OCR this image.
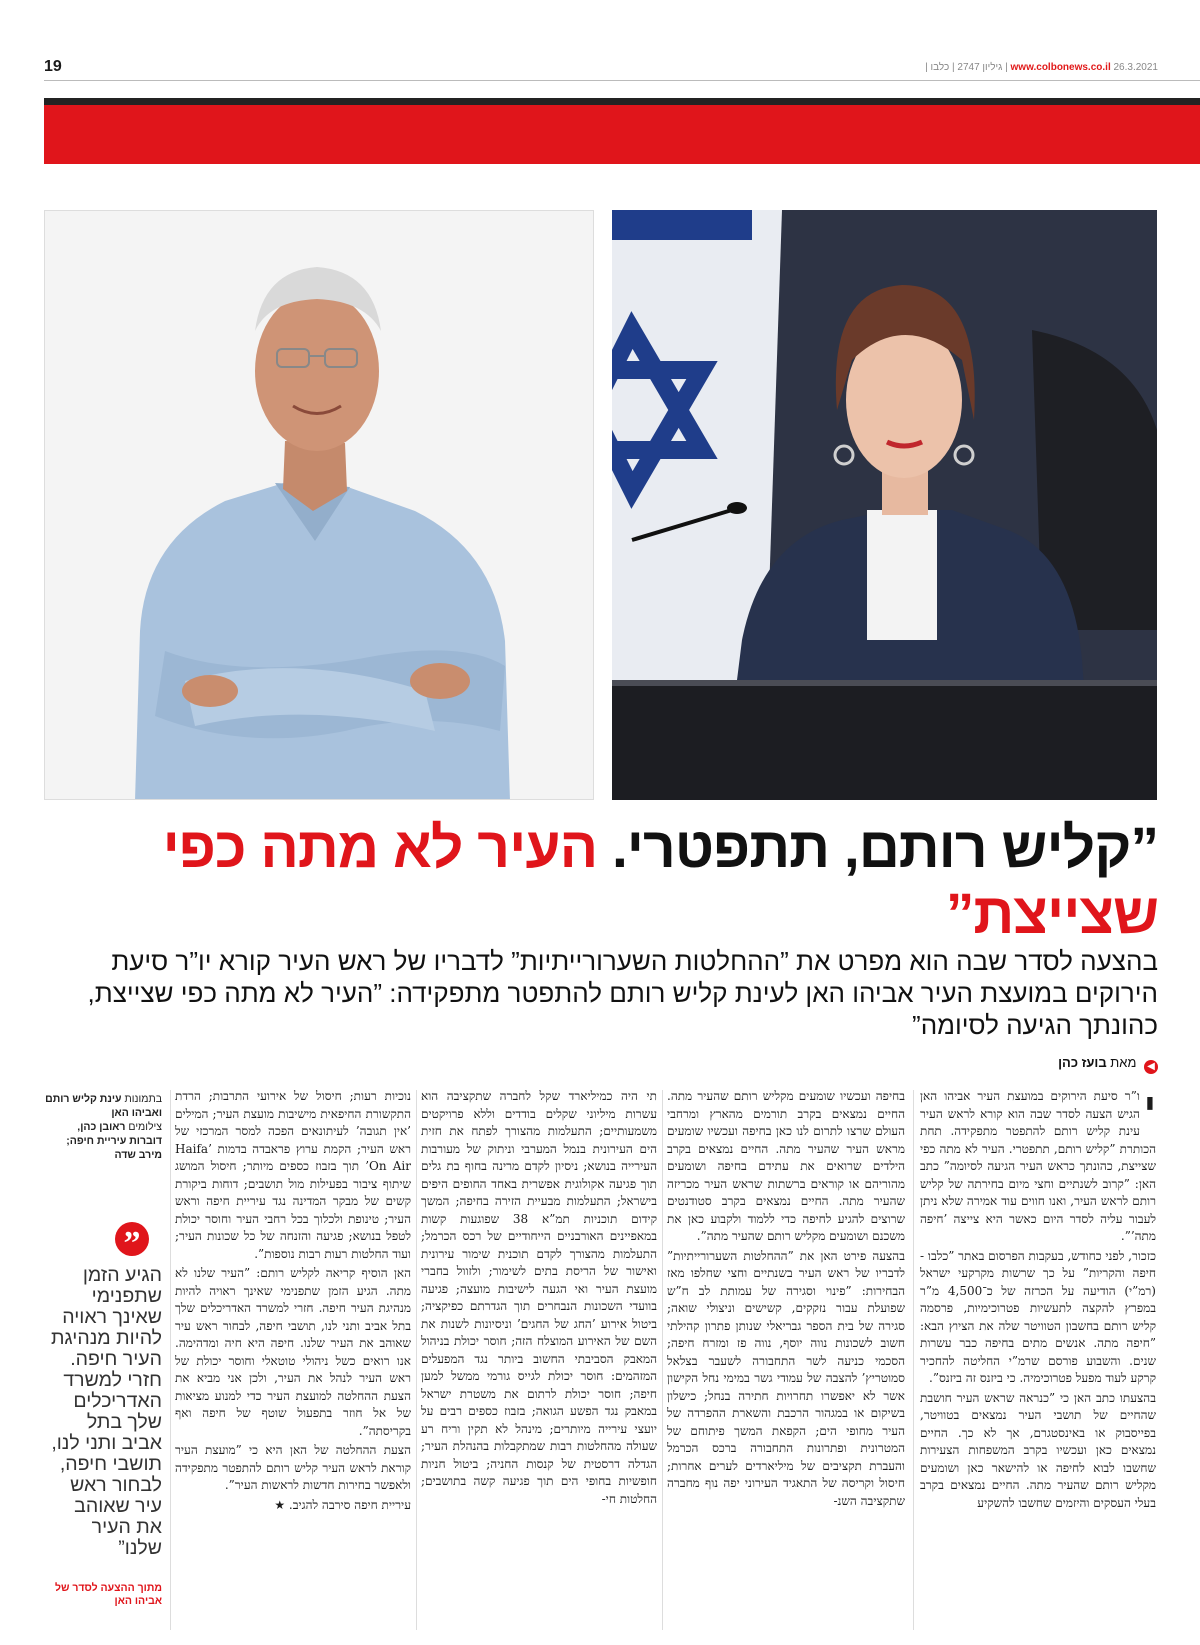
19	www.colbonews.co.il 26.3.2021 | גיליון 2747 | כלבו |
”קליש רותם, תתפטרי. העיר לא מתה כפי שצייצת”
בהצעה לסדר שבה הוא מפרט את ”ההחלטות השערורייתיות” לדבריו של ראש העיר קורא יו”ר סיעת הירוקים במועצת העיר אביהו האן לעינת קליש רותם להתפטר מתפקידה: ”העיר לא מתה כפי שצייצת, כהונתך הגיעה לסיומה”
◀ מאת בועז כהן

י
ו”ר סיעת הירוקים במועצת העיר אביהו האן הגיש הצעה לסדר שבה הוא קורא לראש העיר עינת קליש רותם להתפטר מתפקידה. תחת הכותרת ”קליש רותם, תתפטרי. העיר לא מתה כפי שצייצת, כהונתך כראש העיר הגיעה לסיומה” כתב האן: ”קרוב לשנתיים וחצי מיום בחירתה של קליש רותם לראש העיר, ואנו חווים עוד אמירה שלא ניתן לעבור עליה לסדר היום כאשר היא צייצה ’חיפה מתה’”.

כזכור, לפני כחודש, בעקבות הפרסום באתר ”כלבו - חיפה והקריות” על כך שרשות מקרקעי ישראל (רמ”י) הודיעה על הכרזה של כ־4,500 מ”ר במפרץ להקצה לתעשיות פטרוכימיות, פרסמה קליש רותם בחשבון הטוויטר שלה את הציוץ הבא: ”חיפה מתה. אנשים מתים בחיפה כבר עשרות שנים. והשבוע פורסם שרמ”י החליטה להחכיר קרקע לעוד מפעל פטרוכימיה. כי ביזנס זה ביזנס”.

בהצעתו כתב האן כי ”כנראה שראש העיר חושבת שהחיים של תושבי העיר נמצאים בטוויטר, בפייסבוק או באינסטגרם, אך לא כך. החיים נמצאים כאן ועכשיו בקרב המשפחות הצעירות שחשבו לבוא לחיפה או להישאר כאן ושומעים מקליש רותם שהעיר מתה. החיים נמצאים בקרב בעלי העסקים והיזמים שחשבו להשקיע

בחיפה ועכשיו שומעים מקליש רותם שהעיר מתה. החיים נמצאים בקרב תורמים מהארץ ומרחבי העולם שרצו לתרום לנו כאן בחיפה ועכשיו שומעים מראש העיר שהעיר מתה. החיים נמצאים בקרב הילדים שרואים את עתידם בחיפה ושומעים מהוריהם או קוראים ברשתות שראש העיר מכריזה שהעיר מתה. החיים נמצאים בקרב סטודנטים שרוצים להגיע לחיפה כדי ללמוד ולקבוע כאן את משכנם ושומעים מקליש רותם שהעיר מתה”.

בהצעה פירט האן את ”ההחלטות השערורייתיות” לדבריו של ראש העיר בשנתיים וחצי שחלפו מאז הבחירות: ”פינוי וסגירה של עמותת לב ח”ש שפועלת עבור נזקקים, קשישים וניצולי שואה; סגירה של בית הספר גבריאלי שנותן פתרון קהילתי חשוב לשכונות נווה יוסף, נווה פז ומזרח חיפה; הסכמי כניעה לשר התחבורה לשעבר בצלאל סמוטריץ’ להצבה של עמודי גשר במימי נחל הקישון אשר לא יאפשרו תחרויות חתירה בנחל; כישלון בשיקום או במגהור הרכבת והשארת ההפרדה של העיר מחופי הים; הקפאת המשך פיתוחם של המטרונית ופתרונות התחבורה ברכס הכרמל והעברת תקציבים של מיליארדים לערים אחרות; חיסול וקריסה של התאגיד העירוני יפה נוף מחברה שתקציבה השנ-

תי היה כמיליארד שקל לחברה שתקציבה הוא עשרות מיליוני שקלים בודדים וללא פרויקטים משמעותיים; התעלמות מהצורך לפתח את חזית הים העירונית בנמל המערבי וניתוק של מעורבות העירייה בנושא; ניסיון לקדם מרינה בחוף בת גלים תוך פגיעה אקולוגית אפשרית באחד החופים היפים בישראל; התעלמות מבעיית הזירה בחיפה; המשך קידום תוכניות תמ”א 38 שפוגעות קשות במאפיינים האורבניים הייחודיים של רכס הכרמל; התעלמות מהצורך לקדם תוכנית שימור עירונית ואישור של הריסת בתים לשימור; ולזוול בחברי מועצת העיר ואי הגעה לישיבות מועצה; פגיעה בוועדי השכונות הנבחרים תוך הגדרתם כפיקציה; ביטול אירוע ’החג של החגים’ וניסיונות לשנות את השם של האירוע המוצלח הזה; חוסר יכולת בניהול המאבק הסביבתי החשוב ביותר נגד המפעלים המזהמים: חוסר יכולת לגייס גורמי ממשל למען חיפה; חוסר יכולת לרתום את משטרת ישראל במאבק נגד הפשע הגואה; בזבוז כספים רבים על יועצי עירייה מיותרים; מינהל לא תקין וריח רע שעולה מהחלטות רבות שמתקבלות בהנהלת העיר; הגדלה דרסטית של קנסות החניה; ביטול חניות חופשיות בחופי הים תוך פגיעה קשה בתושבים; החלטות חי-

נוכיות רעות; חיסול של אירועי התרבות; הרדת התקשורת החיפאית מישיבות מועצת העיר; המילים ’אין תגובה’ לעיתונאים הפכה למסר המרכזי של ראש העיר; הקמת ערוץ פראבדה בדמות ’Haifa On Air’ תוך בזבוז כספים מיותר; חיסול המושג שיתוף ציבור בפעילות מול תושבים; דוחות ביקורת קשים של מבקר המדינה נגד עיריית חיפה וראש העיר; טינופת ולכלוך בכל רחבי העיר וחוסר יכולת לטפל בנושא; פגיעה והזנחה של כל שכונות העיר; ועוד החלטות רעות רבות נוספות”.

האן הוסיף קריאה לקליש רותם: ”העיר שלנו לא מתה. הגיע הזמן שתפנימי שאינך ראויה להיות מנהיגת העיר חיפה. חזרי למשרד האדריכלים שלך בתל אביב ותני לנו, תושבי חיפה, לבחור ראש עיר שאוהב את העיר שלנו. חיפה היא חיה ומדהימה. אנו רואים כשל ניהולי טוטאלי וחוסר יכולת של ראש העיר לנהל את העיר, ולכן אני מביא את הצעת ההחלטה למועצת העיר כדי למנוע מציאות של אל חוזר בתפעול שוטף של חיפה ואף בקריסתה”.

הצעת ההחלטה של האן היא כי ”מועצת העיר קוראת לראש העיר קליש רותם להתפטר מתפקידה ולאפשר בחירות חדשות לראשות העיר”.

עיריית חיפה סירבה להגיב. ★

בתמונות עינת קליש רותם ואביהו האן
צילומים ראובן כהן, דוברות עיריית חיפה; מירב שדה
”
הגיע הזמן שתפנימי שאינך ראויה להיות מנהיגת העיר חיפה. חזרי למשרד האדריכלים שלך בתל אביב ותני לנו, תושבי חיפה, לבחור ראש עיר שאוהב את העיר שלנו”
מתוך ההצעה לסדר של אביהו האן
